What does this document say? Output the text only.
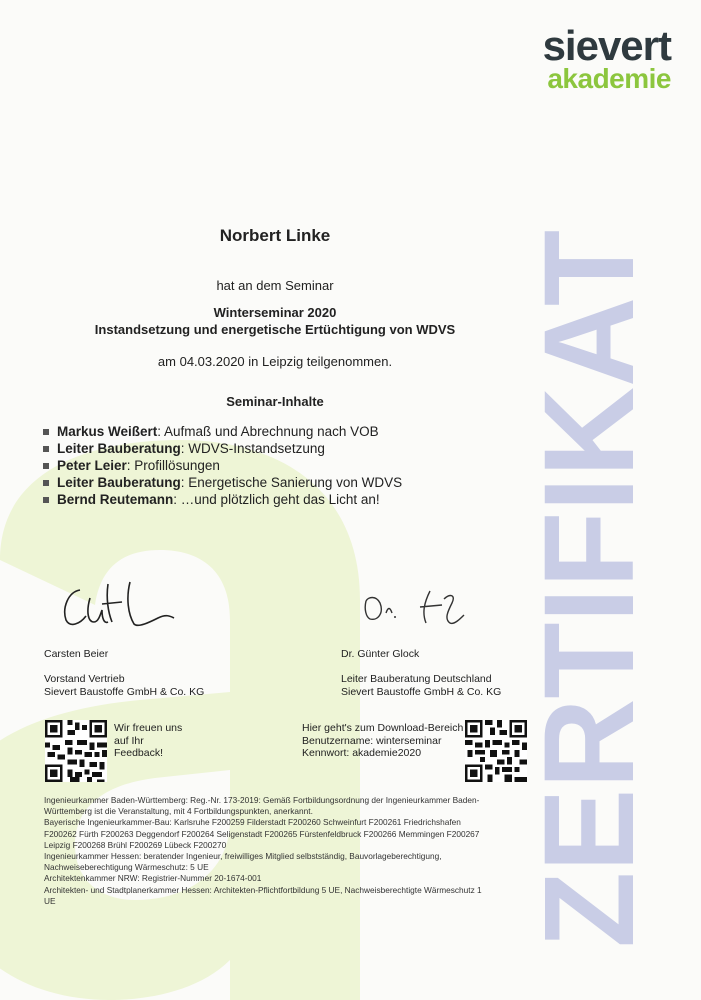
ZERTIFIKAT
sievert
akademie
Norbert Linke
hat an dem Seminar
Winterseminar 2020
Instandsetzung und energetische Ertüchtigung von WDVS
am 04.03.2020 in Leipzig teilgenommen.
Seminar-Inhalte
Markus Weißert : Aufmaß und Abrechnung nach VOB
Leiter Bauberatung : WDVS-Instandsetzung
Peter Leier : Profillösungen
Leiter Bauberatung : Energetische Sanierung von WDVS
Bernd Reutemann : …und plötzlich geht das Licht an!
Carsten Beier
Vorstand Vertrieb
Sievert Baustoffe GmbH & Co. KG
Dr. Günter Glock
Leiter Bauberatung Deutschland
Sievert Baustoffe GmbH & Co. KG
Wir freuen uns
auf Ihr
Feedback!
Hier geht's zum Download-Bereich
Benutzername: winterseminar
Kennwort: akademie2020
Ingenieurkammer Baden-Württemberg: Reg.-Nr. 173-2019: Gemäß Fortbildungsordnung der Ingenieurkammer Baden-
Württemberg ist die Veranstaltung, mit 4 Fortbildungspunkten, anerkannt.
Bayerische Ingenieurkammer-Bau: Karlsruhe F200259 Filderstadt F200260 Schweinfurt F200261 Friedrichshafen
F200262 Fürth F200263 Deggendorf F200264 Seligenstadt F200265 Fürstenfeldbruck F200266 Memmingen F200267
Leipzig F200268 Brühl F200269 Lübeck F200270
Ingenieurkammer Hessen: beratender Ingenieur, freiwilliges Mitglied selbstständig, Bauvorlageberechtigung,
Nachweiseberechtigung Wärmeschutz: 5 UE
Architektenkammer NRW: Registrier-Nummer 20-1674-001
Architekten- und Stadtplanerkammer Hessen: Architekten-Pflichtfortbildung 5 UE, Nachweisberechtigte Wärmeschutz 1
UE
